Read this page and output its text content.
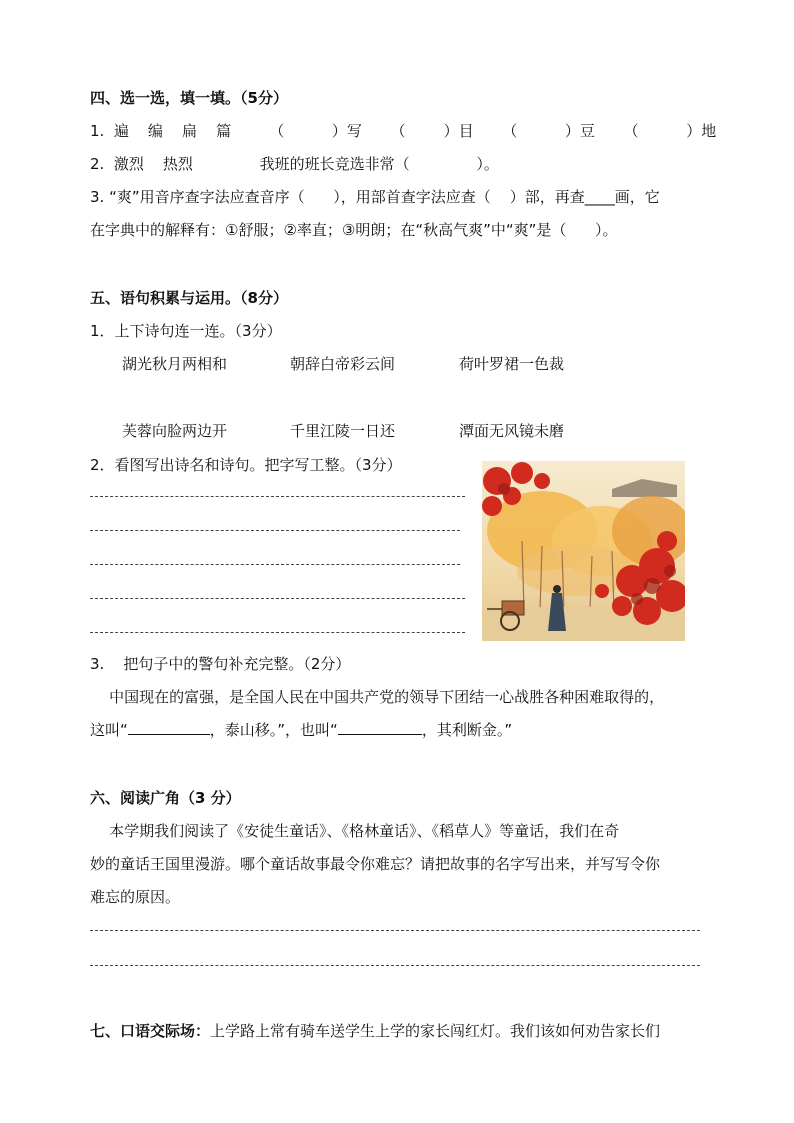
四、选一选，填一填。（5分）
1.  遍    编    扁    篇        （          ）写      （        ）目      （          ）豆      （          ）地
2.  激烈    热烈              我班的班长竞选非常（              ）。
3. “爽”用音序查字法应查音序（      ），用部首查字法应查（    ）部，再查____画，它
在字典中的解释有：①舒服；②率直；③明朗；在“秋高气爽”中“爽”是（      ）。
五、语句积累与运用。（8分）
1．上下诗句连一连。（3分）
湖光秋月两相和	朝辞白帝彩云间	荷叶罗裙一色裁
芙蓉向脸两边开	千里江陵一日还	潭面无风镜未磨
2．看图写出诗名和诗句。把字写工整。（3分）
3.    把句子中的警句补充完整。（2分）
中国现在的富强，是全国人民在中国共产党的领导下团结一心战胜各种困难取得的，
这叫“	，泰山移。”，也叫“	，其利断金。”
六、阅读广角（3 分）
本学期我们阅读了《安徒生童话》、《格林童话》、《稻草人》等童话，我们在奇
妙的童话王国里漫游。哪个童话故事最令你难忘？请把故事的名字写出来，并写写令你
难忘的原因。
七、口语交际场：上学路上常有骑车送学生上学的家长闯红灯。我们该如何劝告家长们
